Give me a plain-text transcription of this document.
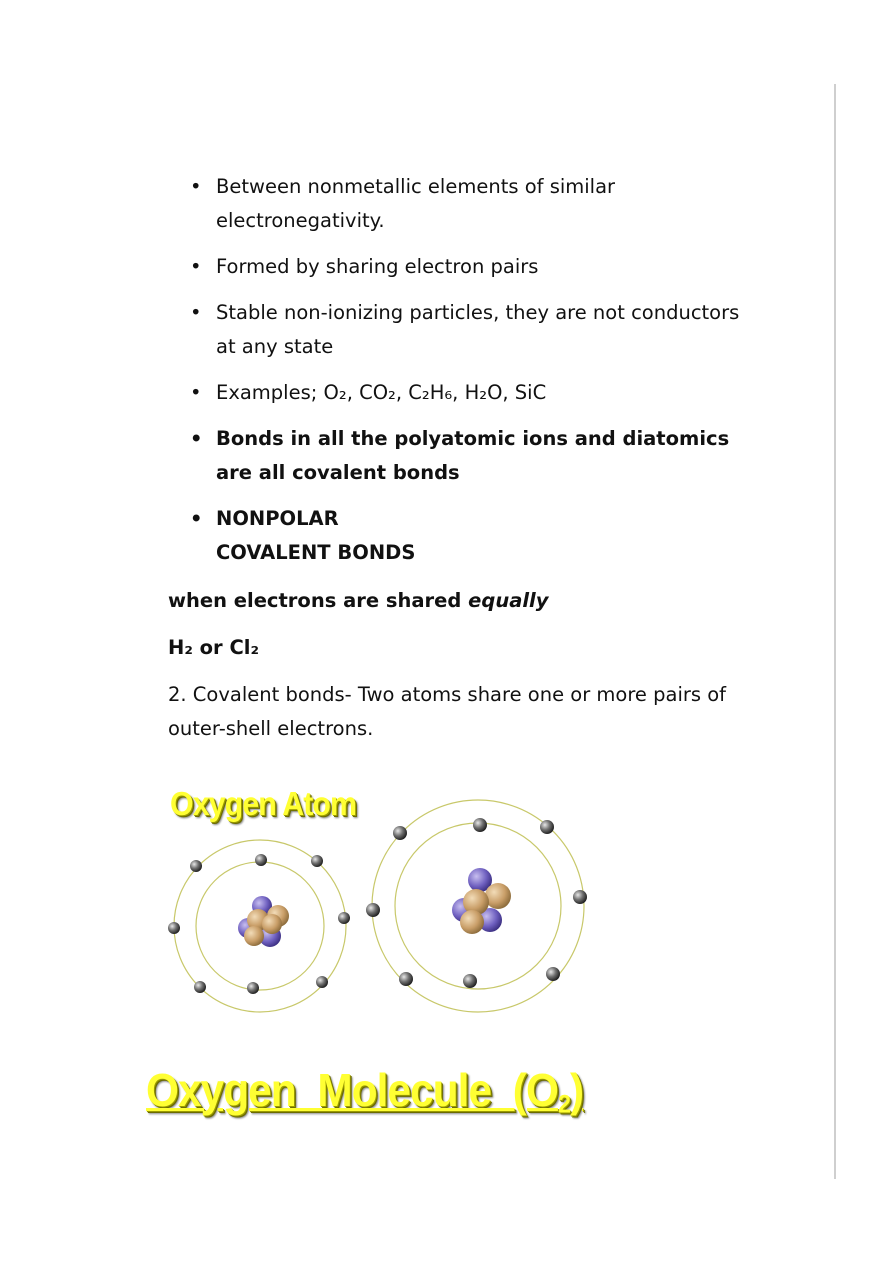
• Between nonmetallic elements of similar electronegativity.
• Formed by sharing electron pairs
• Stable non-ionizing particles, they are not conductors at any state
• Examples; O₂, CO₂, C₂H₆, H₂O, SiC
• Bonds in all the polyatomic ions and diatomics are all covalent bonds
• NONPOLAR
COVALENT BONDS
when electrons are shared equally
H₂ or Cl₂
2. Covalent bonds- Two atoms share one or more pairs of outer-shell electrons.
Oxygen Atom
Oxygen  Molecule  $(O_2)$
